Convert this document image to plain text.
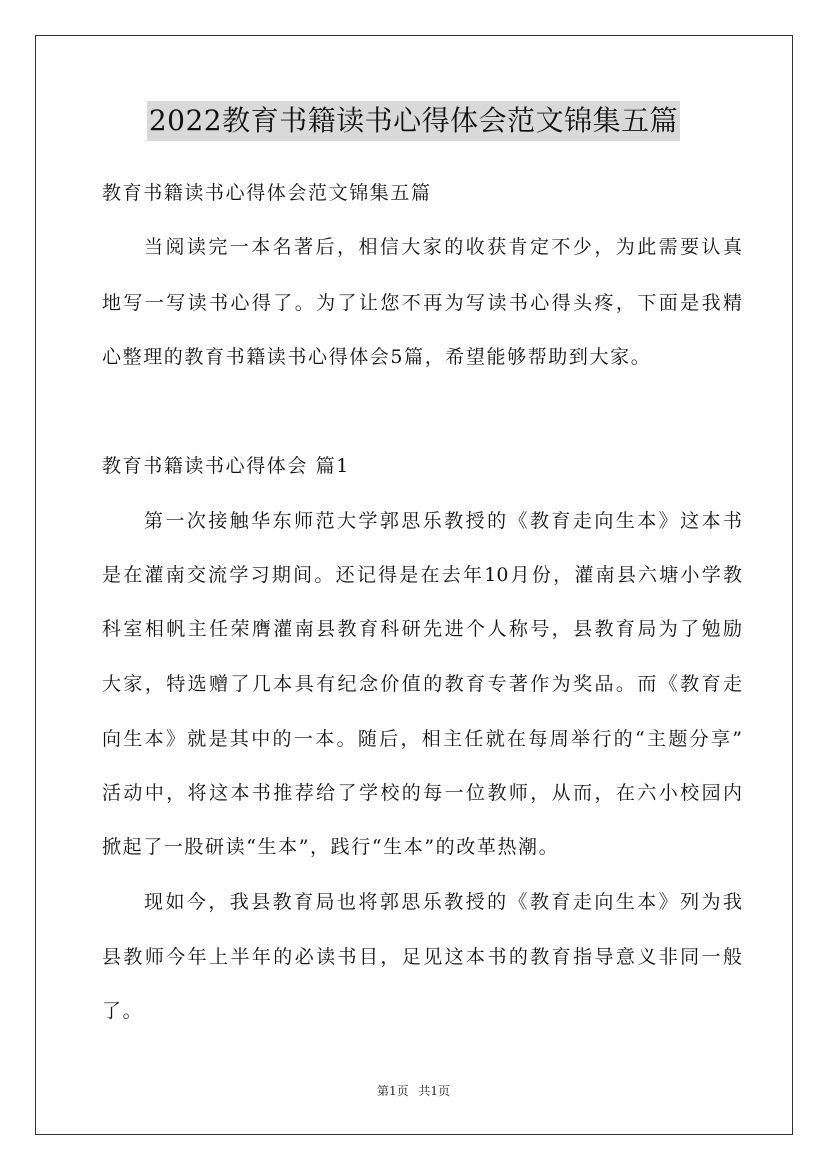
2022教育书籍读书心得体会范文锦集五篇
教育书籍读书心得体会范文锦集五篇
当阅读完一本名著后，相信大家的收获肯定不少，为此需要认真
地写一写读书心得了。为了让您不再为写读书心得头疼，下面是我精
心整理的教育书籍读书心得体会5篇，希望能够帮助到大家。
教育书籍读书心得体会 篇1
第一次接触华东师范大学郭思乐教授的《教育走向生本》这本书
是在灌南交流学习期间。还记得是在去年10月份，灌南县六塘小学教
科室相帆主任荣膺灌南县教育科研先进个人称号，县教育局为了勉励
大家，特选赠了几本具有纪念价值的教育专著作为奖品。而《教育走
向生本》就是其中的一本。随后，相主任就在每周举行的“主题分享”
活动中，将这本书推荐给了学校的每一位教师，从而，在六小校园内
掀起了一股研读“生本”，践行“生本”的改革热潮。
现如今，我县教育局也将郭思乐教授的《教育走向生本》列为我
县教师今年上半年的必读书目，足见这本书的教育指导意义非同一般
了。
第1页 共1页
